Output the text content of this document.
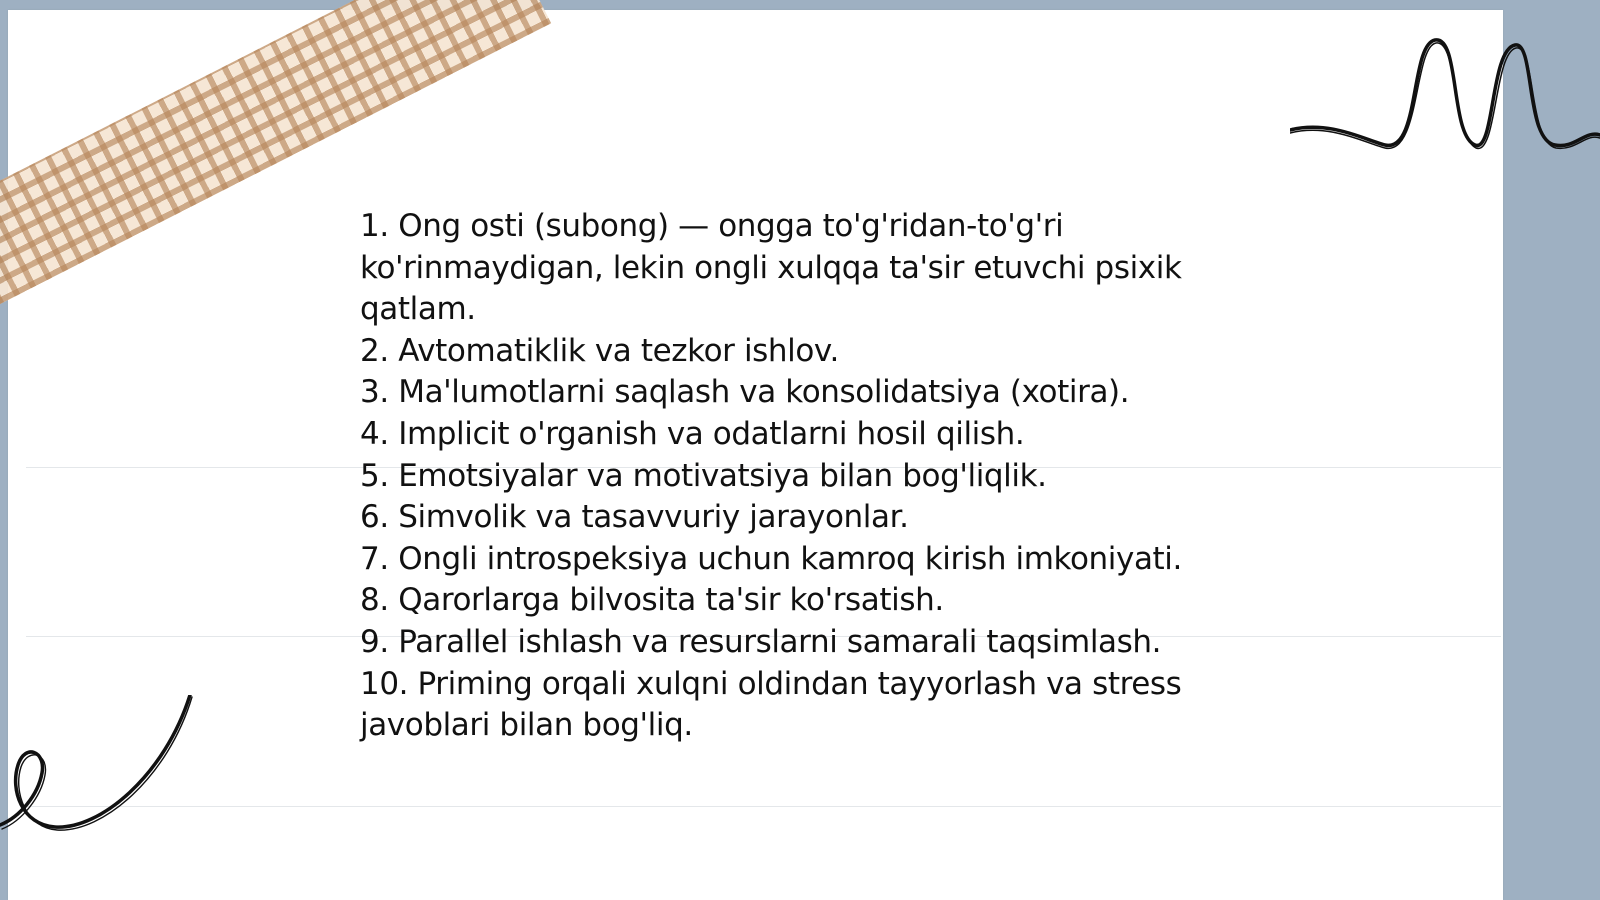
1. Ong osti (subong) — ongga to'g'ridan-to'g'ri ko'rinmaydigan, lekin ongli xulqqa ta'sir etuvchi psixik qatlam.

2. Avtomatiklik va tezkor ishlov.

3. Ma'lumotlarni saqlash va konsolidatsiya (xotira).

4. Implicit o'rganish va odatlarni hosil qilish.

5. Emotsiyalar va motivatsiya bilan bog'liqlik.

6. Simvolik va tasavvuriy jarayonlar.

7. Ongli introspeksiya uchun kamroq kirish imkoniyati.

8. Qarorlarga bilvosita ta'sir ko'rsatish.

9. Parallel ishlash va resurslarni samarali taqsimlash.

10. Priming orqali xulqni oldindan tayyorlash va stress javoblari bilan bog'liq.
